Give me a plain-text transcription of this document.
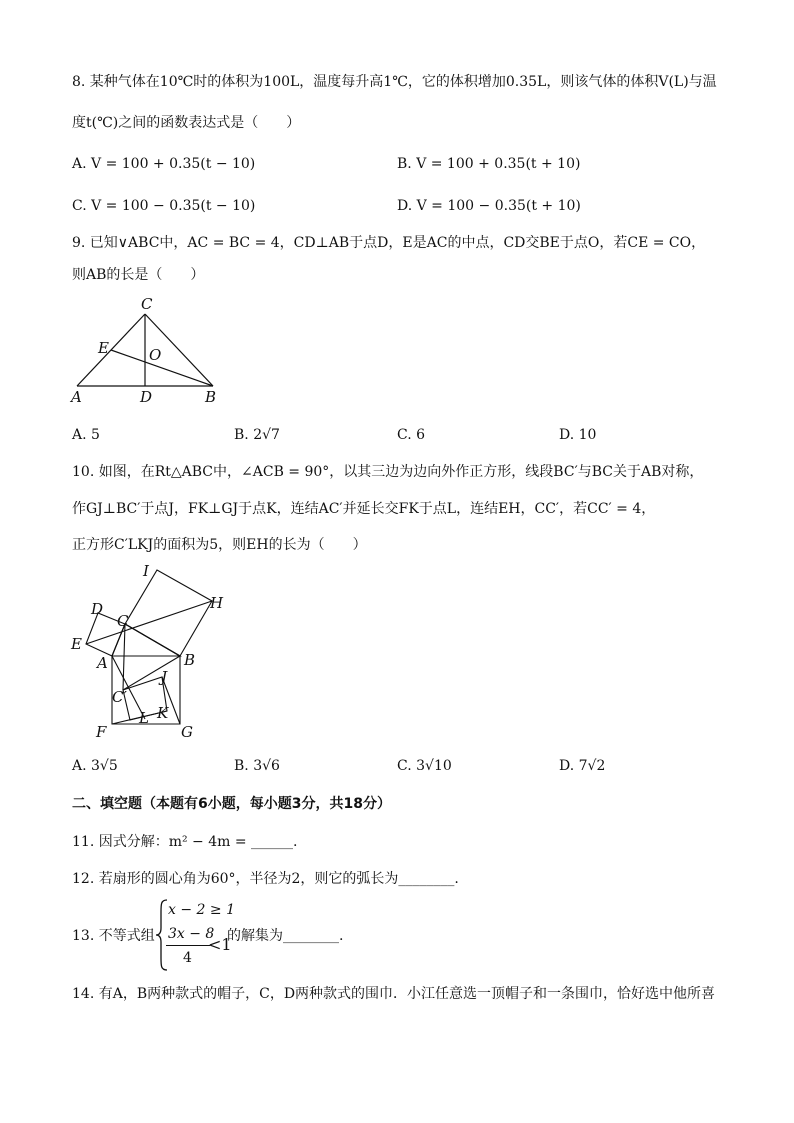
8. 某种气体在10℃时的体积为100L，温度每升高1℃，它的体积增加0.35L，则该气体的体积V(L)与温
度t(℃)之间的函数表达式是（　　）
A. V = 100 + 0.35(t − 10)	B. V = 100 + 0.35(t + 10)
C. V = 100 − 0.35(t − 10)	D. V = 100 − 0.35(t + 10)
9. 已知∨ABC中，AC = BC = 4，CD⊥AB于点D，E是AC的中点，CD交BE于点O，若CE = CO，
则AB的长是（　　）
C
E	O
A	D	B
A. 5	B. 2√7	C. 6	D. 10
10. 如图，在Rt△ABC中，∠ACB = 90°，以其三边为边向外作正方形，线段BC′与BC关于AB对称，
作GJ⊥BC′于点J，FK⊥GJ于点K，连结AC′并延长交FK于点L，连结EH，CC′，若CC′ = 4，
正方形C′LKJ的面积为5，则EH的长为（　　）
I
H
D
C
E
A	B
J
C′
K
L
F	G
A. 3√5	B. 3√6	C. 3√10	D. 7√2
二、填空题（本题有6小题，每小题3分，共18分）
11. 因式分解：m² − 4m = ______.
12. 若扇形的圆心角为60°，半径为2，则它的弧长为________.
13. 不等式组
x − 2 ≥ 1
3x − 8
4
<1
的解集为________.
14. 有A，B两种款式的帽子，C，D两种款式的围巾．小江任意选一顶帽子和一条围巾，恰好选中他所喜
